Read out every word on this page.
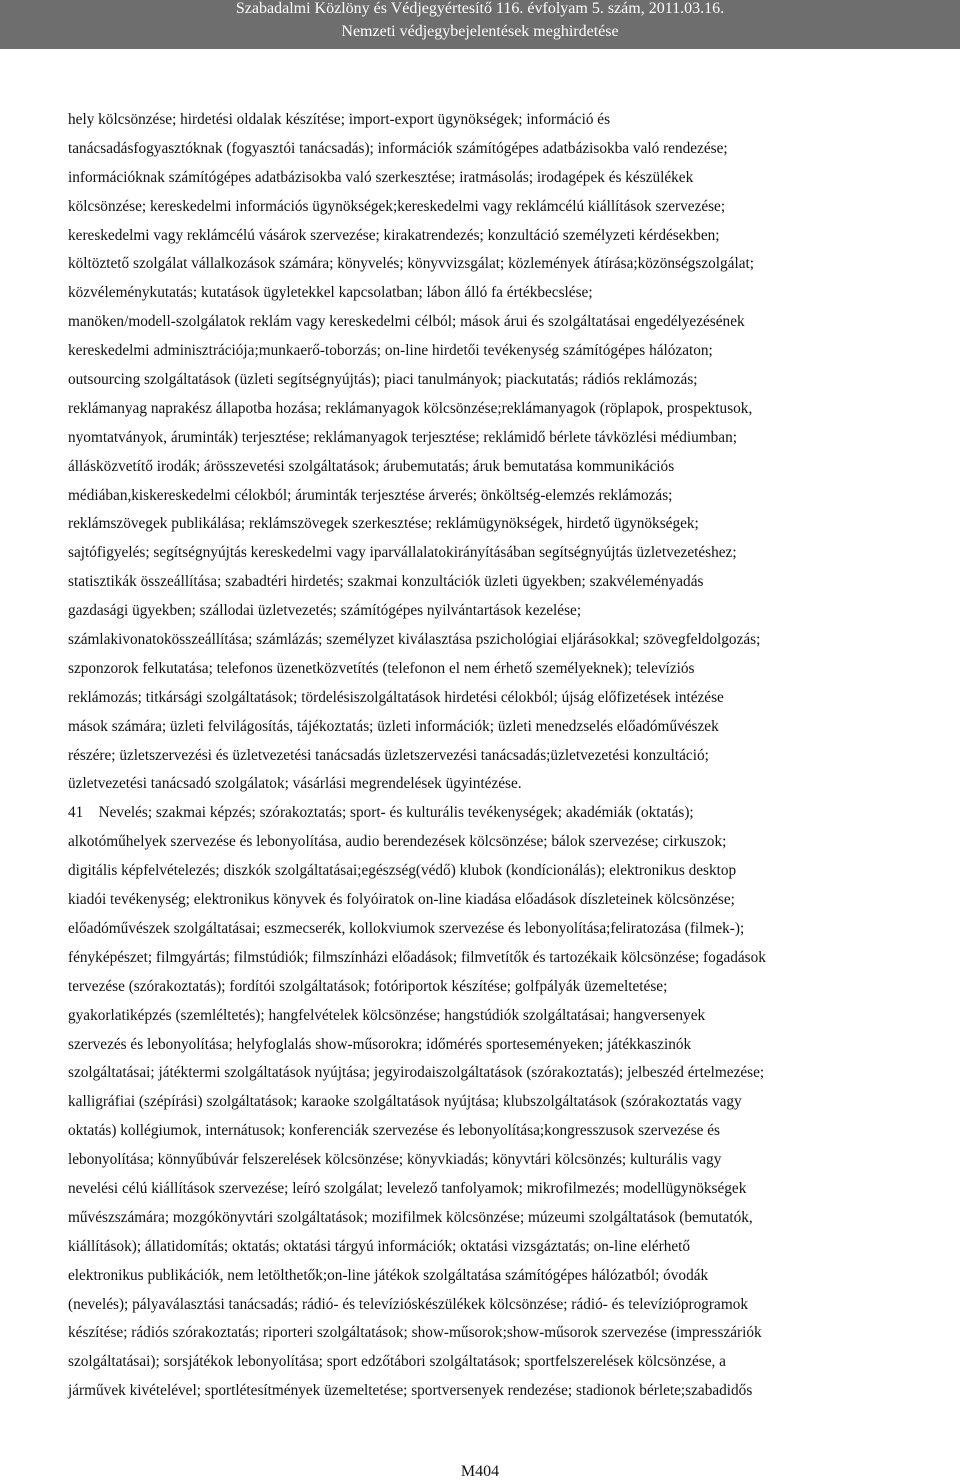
Szabadalmi Közlöny és Védjegyértesítő 116. évfolyam 5. szám, 2011.03.16.
Nemzeti védjegybejelentések meghirdetése
hely kölcsönzése; hirdetési oldalak készítése; import-export ügynökségek; információ és
tanácsadásfogyasztóknak (fogyasztói tanácsadás); információk számítógépes adatbázisokba való rendezése;
információknak számítógépes adatbázisokba való szerkesztése; iratmásolás; irodagépek és készülékek
kölcsönzése; kereskedelmi információs ügynökségek;kereskedelmi vagy reklámcélú kiállítások szervezése;
kereskedelmi vagy reklámcélú vásárok szervezése; kirakatrendezés; konzultáció személyzeti kérdésekben;
költöztető szolgálat vállalkozások számára; könyvelés; könyvvizsgálat; közlemények átírása;közönségszolgálat;
közvéleménykutatás; kutatások ügyletekkel kapcsolatban; lábon álló fa értékbecslése;
manöken/modell-szolgálatok reklám vagy kereskedelmi célból; mások árui és szolgáltatásai engedélyezésének
kereskedelmi adminisztrációja;munkaerő-toborzás; on-line hirdetői tevékenység számítógépes hálózaton;
outsourcing szolgáltatások (üzleti segítségnyújtás); piaci tanulmányok; piackutatás; rádiós reklámozás;
reklámanyag naprakész állapotba hozása; reklámanyagok kölcsönzése;reklámanyagok (röplapok, prospektusok,
nyomtatványok, áruminták) terjesztése; reklámanyagok terjesztése; reklámidő bérlete távközlési médiumban;
állásközvetítő irodák; árösszevetési szolgáltatások; árubemutatás; áruk bemutatása kommunikációs
médiában,kiskereskedelmi célokból; áruminták terjesztése árverés; önköltség-elemzés reklámozás;
reklámszövegek publikálása; reklámszövegek szerkesztése; reklámügynökségek, hirdető ügynökségek;
sajtófigyelés; segítségnyújtás kereskedelmi vagy iparvállalatokirányításában segítségnyújtás üzletvezetéshez;
statisztikák összeállítása; szabadtéri hirdetés; szakmai konzultációk üzleti ügyekben; szakvéleményadás
gazdasági ügyekben; szállodai üzletvezetés; számítógépes nyilvántartások kezelése;
számlakivonatokösszeállítása; számlázás; személyzet kiválasztása pszichológiai eljárásokkal; szövegfeldolgozás;
szponzorok felkutatása; telefonos üzenetközvetítés (telefonon el nem érhető személyeknek); televíziós
reklámozás; titkársági szolgáltatások; tördelésiszolgáltatások hirdetési célokból; újság előfizetések intézése
mások számára; üzleti felvilágosítás, tájékoztatás; üzleti információk; üzleti menedzselés előadóművészek
részére; üzletszervezési és üzletvezetési tanácsadás üzletszervezési tanácsadás;üzletvezetési konzultáció;
üzletvezetési tanácsadó szolgálatok; vásárlási megrendelések ügyintézése.
41    Nevelés; szakmai képzés; szórakoztatás; sport- és kulturális tevékenységek; akadémiák (oktatás);
alkotóműhelyek szervezése és lebonyolítása, audio berendezések kölcsönzése; bálok szervezése; cirkuszok;
digitális képfelvételezés; diszkók szolgáltatásai;egészség(védő) klubok (kondícionálás); elektronikus desktop
kiadói tevékenység; elektronikus könyvek és folyóiratok on-line kiadása előadások díszleteinek kölcsönzése;
előadóművészek szolgáltatásai; eszmecserék, kollokviumok szervezése és lebonyolítása;feliratozása (filmek-);
fényképészet; filmgyártás; filmstúdiók; filmszínházi előadások; filmvetítők és tartozékaik kölcsönzése; fogadások
tervezése (szórakoztatás); fordítói szolgáltatások; fotóriportok készítése; golfpályák üzemeltetése;
gyakorlatiképzés (szemléltetés); hangfelvételek kölcsönzése; hangstúdiók szolgáltatásai; hangversenyek
szervezés és lebonyolítása; helyfoglalás show-műsorokra; időmérés sporteseményeken; játékkaszinók
szolgáltatásai; játéktermi szolgáltatások nyújtása; jegyirodaiszolgáltatások (szórakoztatás); jelbeszéd értelmezése;
kalligráfiai (szépírási) szolgáltatások; karaoke szolgáltatások nyújtása; klubszolgáltatások (szórakoztatás vagy
oktatás) kollégiumok, internátusok; konferenciák szervezése és lebonyolítása;kongresszusok szervezése és
lebonyolítása; könnyűbúvár felszerelések kölcsönzése; könyvkiadás; könyvtári kölcsönzés; kulturális vagy
nevelési célú kiállítások szervezése; leíró szolgálat; levelező tanfolyamok; mikrofilmezés; modellügynökségek
művészszámára; mozgókönyvtári szolgáltatások; mozifilmek kölcsönzése; múzeumi szolgáltatások (bemutatók,
kiállítások); állatidomítás; oktatás; oktatási tárgyú információk; oktatási vizsgáztatás; on-line elérhető
elektronikus publikációk, nem letölthetők;on-line játékok szolgáltatása számítógépes hálózatból; óvodák
(nevelés); pályaválasztási tanácsadás; rádió- és televízióskészülékek kölcsönzése; rádió- és televízióprogramok
készítése; rádiós szórakoztatás; riporteri szolgáltatások; show-műsorok;show-műsorok szervezése (impresszáriók
szolgáltatásai); sorsjátékok lebonyolítása; sport edzőtábori szolgáltatások; sportfelszerelések kölcsönzése, a
járművek kivételével; sportlétesítmények üzemeltetése; sportversenyek rendezése; stadionok bérlete;szabadidős
M404
